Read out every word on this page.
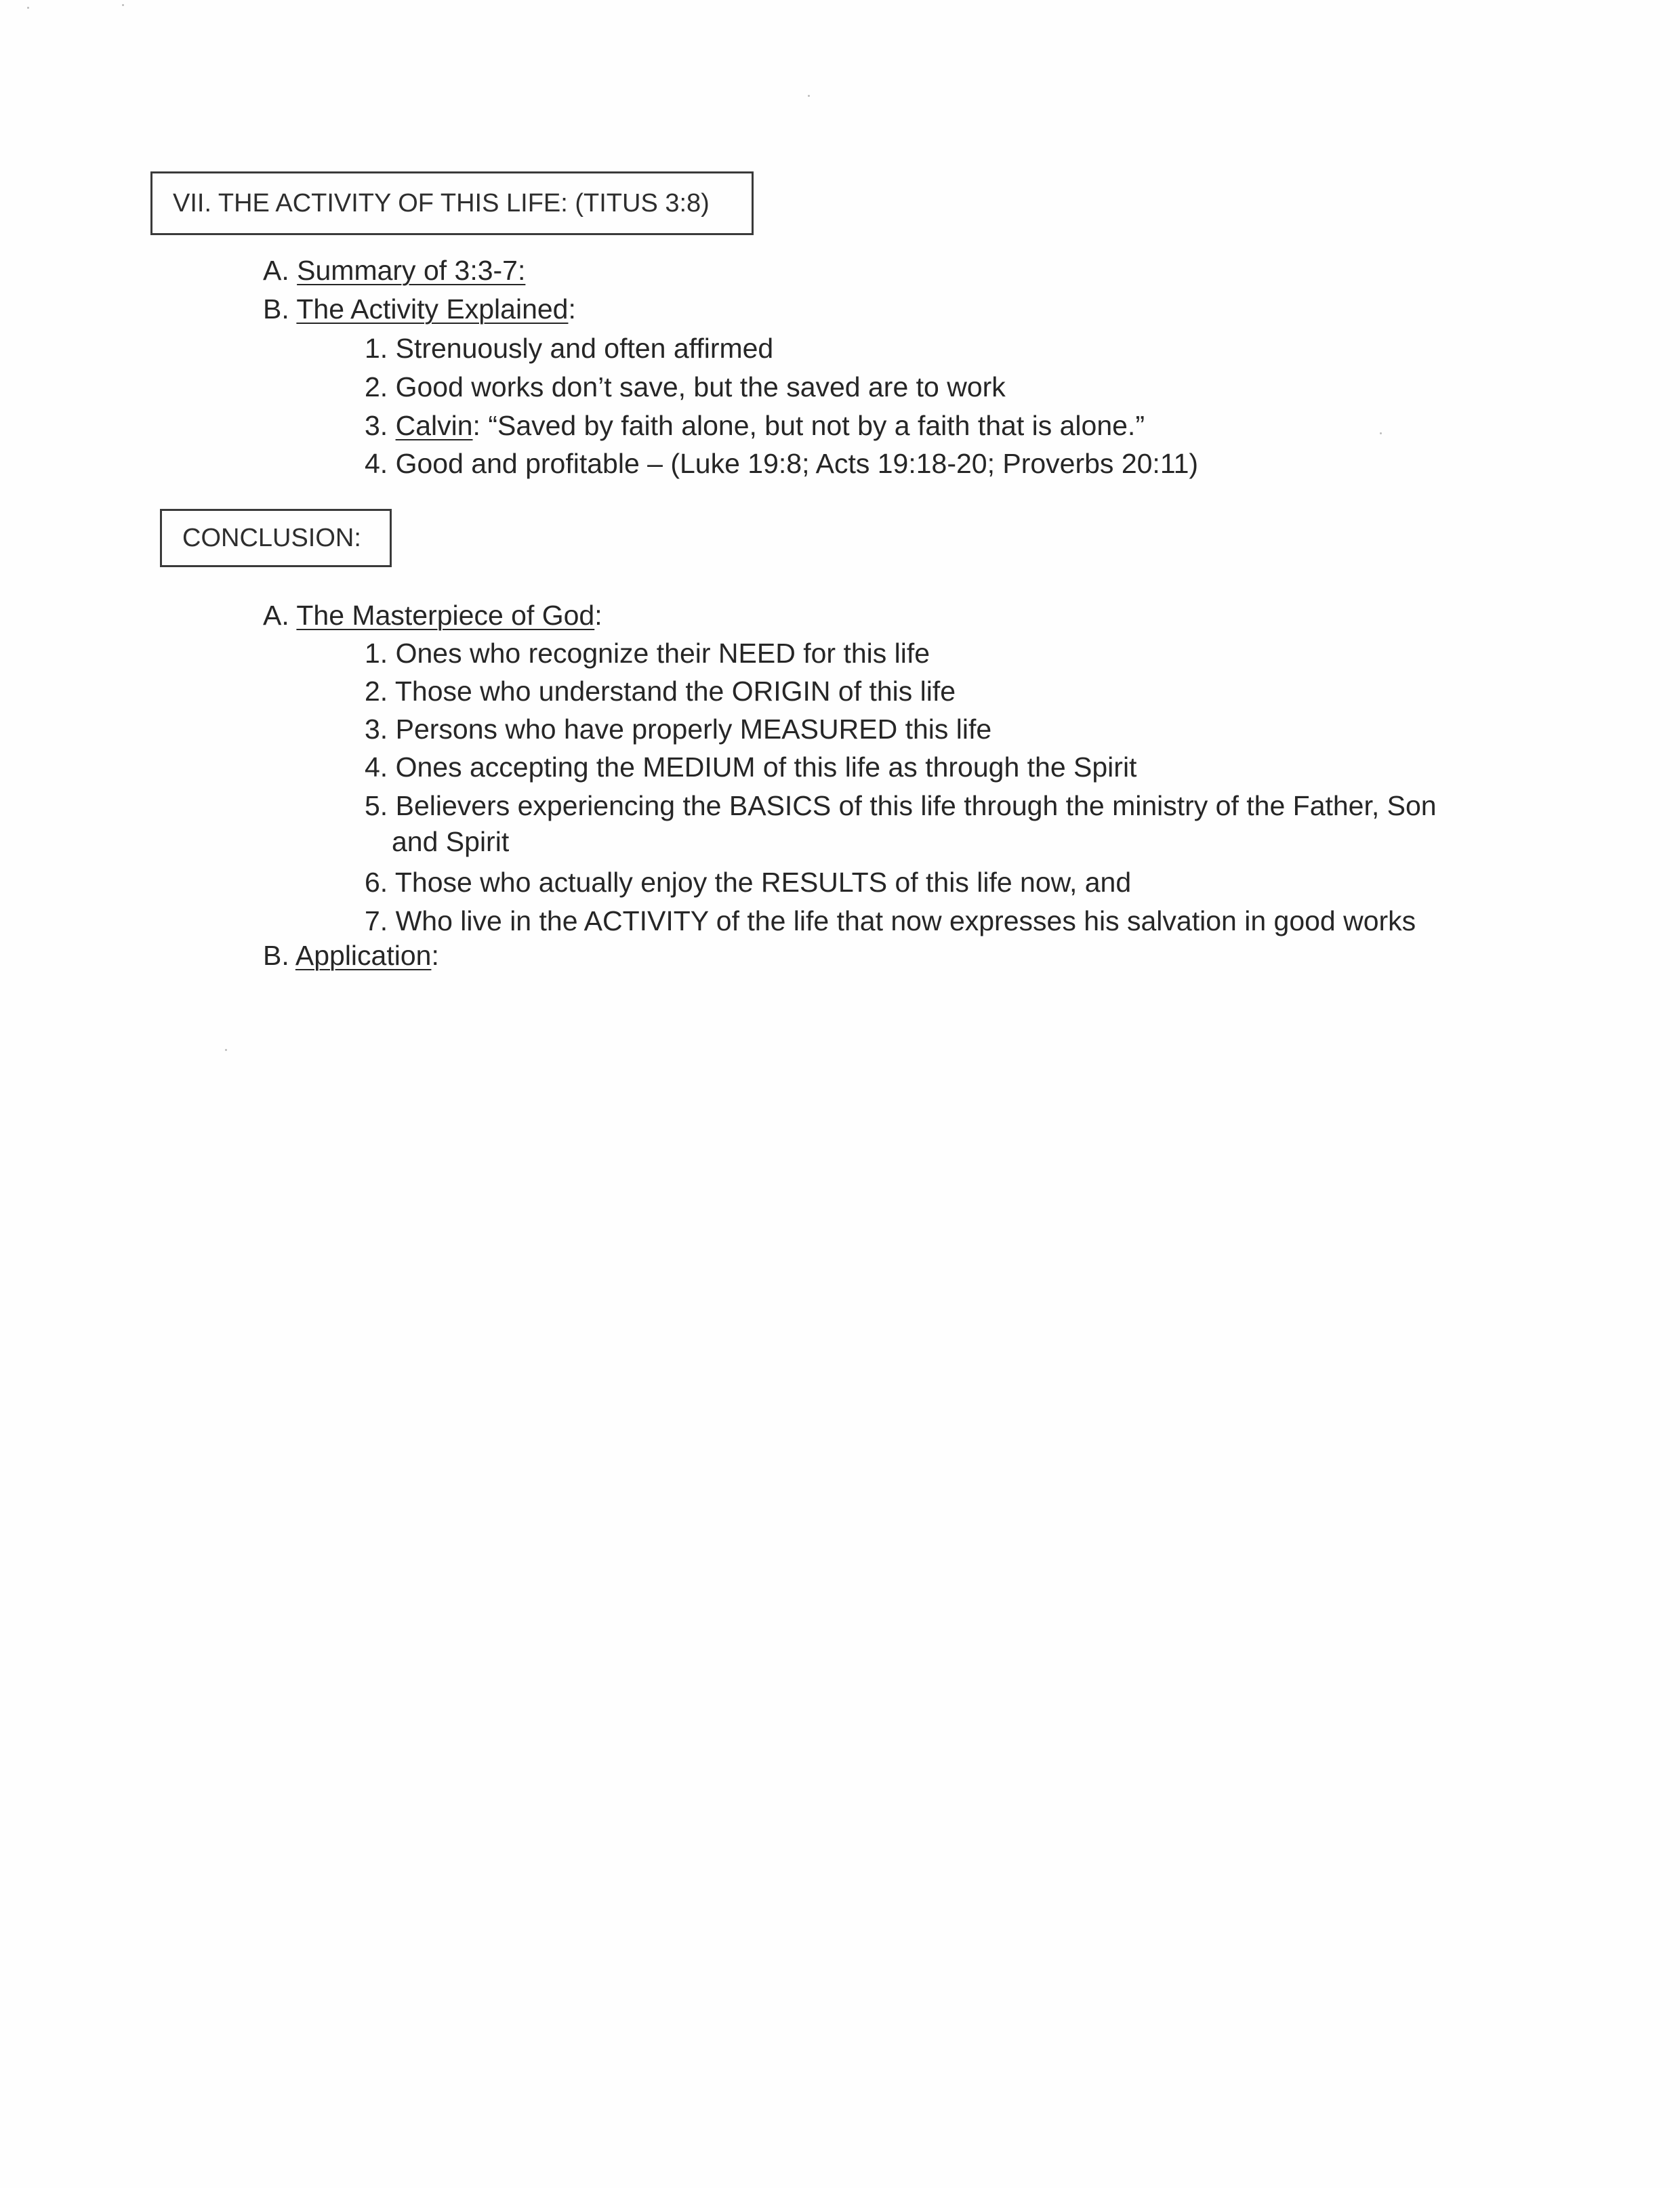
VII. THE ACTIVITY OF THIS LIFE: (TITUS 3:8)
A. Summary of 3:3-7:
B. The Activity Explained:
1. Strenuously and often affirmed
2. Good works don’t save, but the saved are to work
3. Calvin: “Saved by faith alone, but not by a faith that is alone.”
4. Good and profitable – (Luke 19:8; Acts 19:18-20; Proverbs 20:11)
CONCLUSION:
A. The Masterpiece of God:
1. Ones who recognize their NEED for this life
2. Those who understand the ORIGIN of this life
3. Persons who have properly MEASURED this life
4. Ones accepting the MEDIUM of this life as through the Spirit
5. Believers experiencing the BASICS of this life through the ministry of the Father, Son
and Spirit
6. Those who actually enjoy the RESULTS of this life now, and
7. Who live in the ACTIVITY of the life that now expresses his salvation in good works
B. Application:
